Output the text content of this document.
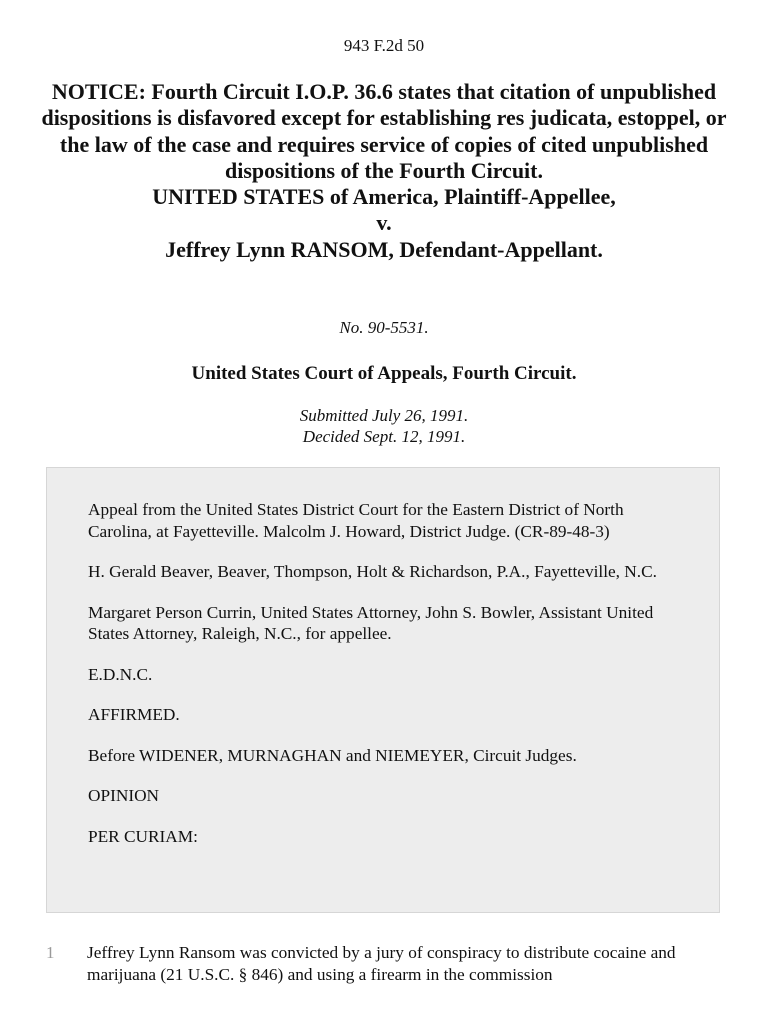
943 F.2d 50
NOTICE: Fourth Circuit I.O.P. 36.6 states that citation of unpublished dispositions is disfavored except for establishing res judicata, estoppel, or the law of the case and requires service of copies of cited unpublished dispositions of the Fourth Circuit.
UNITED STATES of America, Plaintiff-Appellee,
v.
Jeffrey Lynn RANSOM, Defendant-Appellant.
No. 90-5531.
United States Court of Appeals, Fourth Circuit.
Submitted July 26, 1991.
Decided Sept. 12, 1991.

Appeal from the United States District Court for the Eastern District of North Carolina, at Fayetteville. Malcolm J. Howard, District Judge. (CR-89-48-3)

H. Gerald Beaver, Beaver, Thompson, Holt & Richardson, P.A., Fayetteville, N.C.

Margaret Person Currin, United States Attorney, John S. Bowler, Assistant United States Attorney, Raleigh, N.C., for appellee.

E.D.N.C.

AFFIRMED.

Before WIDENER, MURNAGHAN and NIEMEYER, Circuit Judges.

OPINION

PER CURIAM:

1 Jeffrey Lynn Ransom was convicted by a jury of conspiracy to distribute cocaine and marijuana (21 U.S.C. § 846) and using a firearm in the commission
